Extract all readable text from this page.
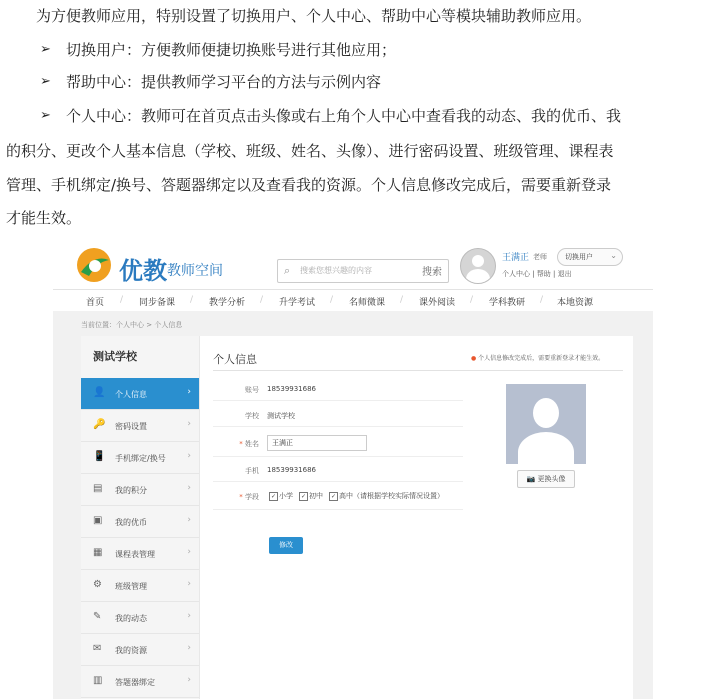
为方便教师应用，特别设置了切换用户、个人中心、帮助中心等模块辅助教师应用。
➢ 切换用户：方便教师便捷切换账号进行其他应用；
➢ 帮助中心：提供教师学习平台的方法与示例内容
➢ 个人中心：教师可在首页点击头像或右上角个人中心中查看我的动态、我的优币、我
的积分、更改个人基本信息（学校、班级、姓名、头像）、进行密码设置、班级管理、课程表
管理、手机绑定/换号、答题器绑定以及查看我的资源。个人信息修改完成后，需要重新登录
才能生效。
优教 教师空间	⌕ 搜索您想兴趣的内容	搜索
王满正 老师	切换用户 ⌄
个人中心 | 帮助 | 退出
首页 / 同步备课 / 教学分析 / 升学考试 / 名师微课 / 课外阅读 / 学科教研 / 本地资源
当前位置：个人中心 > 个人信息
测试学校
👤 个人信息	›
🔑 密码设置	›
📱 手机绑定/换号 ›
▤ 我的积分	›
▣ 我的优币	›
▦ 课程表管理	›
⚙ 班级管理	›
✎ 我的动态	›
✉ 我的资源	›
▥ 答题器绑定	›
个人信息	● 个人信息修改完成后，需要重新登录才能生效。
账号 18539931686
学校 测试学校
* 姓名	王满正
手机 18539931686
* 学段	✓ 小学	✓ 初中	✓ 高中（请根据学校实际情况设置）
修改
📷 更换头像
